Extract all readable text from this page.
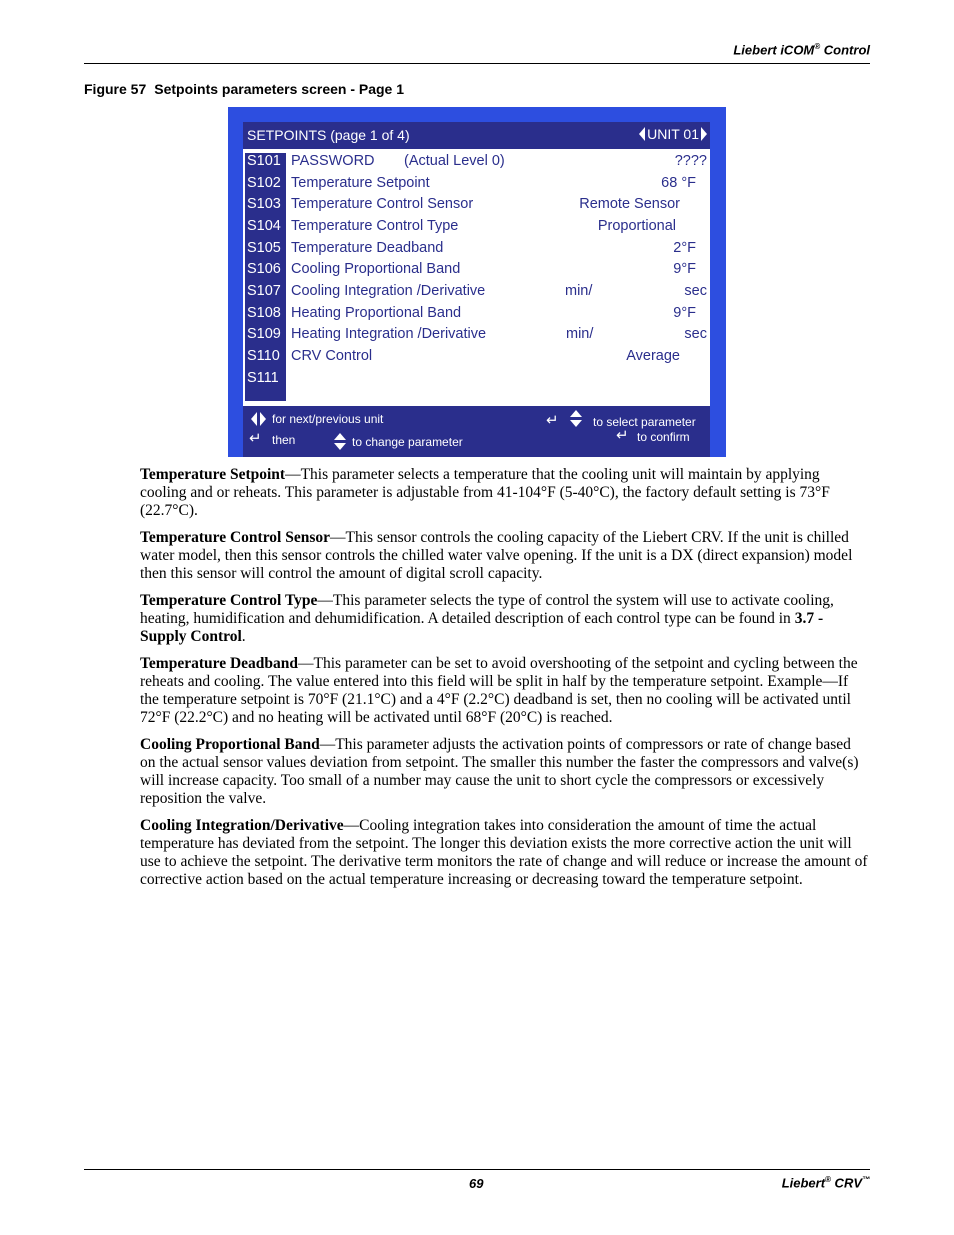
Liebert iCOM® Control
Figure 57 Setpoints parameters screen - Page 1
SETPOINTS (page 1 of 4)	UNIT 01
S101 PASSWORD (Actual Level 0)	????
S102 Temperature Setpoint	68 °F
S103 Temperature Control Sensor	Remote Sensor
S104 Temperature Control Type	Proportional
S105 Temperature Deadband	2°F
S106 Cooling Proportional Band	9°F
S107 Cooling Integration /Derivative	min/	sec
S108 Heating Proportional Band	9°F
S109 Heating Integration /Derivative	min/	sec
S110 CRV Control	Average
S111
for next/previous unit
↵ then	to change parameter
↵	to select parameter
↵ to confirm

Temperature Setpoint—This parameter selects a temperature that the cooling unit will maintain by applying cooling and or reheats. This parameter is adjustable from 41-104°F (5-40°C), the factory default setting is 73°F (22.7°C).

Temperature Control Sensor—This sensor controls the cooling capacity of the Liebert CRV. If the unit is chilled water model, then this sensor controls the chilled water valve opening. If the unit is a DX (direct expansion) model then this sensor will control the amount of digital scroll capacity.

Temperature Control Type—This parameter selects the type of control the system will use to activate cooling, heating, humidification and dehumidification. A detailed description of each control type can be found in 3.7 - Supply Control.

Temperature Deadband—This parameter can be set to avoid overshooting of the setpoint and cycling between the reheats and cooling. The value entered into this field will be split in half by the temperature setpoint. Example—If the temperature setpoint is 70°F (21.1°C) and a 4°F (2.2°C) deadband is set, then no cooling will be activated until 72°F (22.2°C) and no heating will be activated until 68°F (20°C) is reached.

Cooling Proportional Band—This parameter adjusts the activation points of compressors or rate of change based on the actual sensor values deviation from setpoint. The smaller this number the faster the compressors and valve(s) will increase capacity. Too small of a number may cause the unit to short cycle the compressors or excessively reposition the valve.

Cooling Integration/Derivative—Cooling integration takes into consideration the amount of time the actual temperature has deviated from the setpoint. The longer this deviation exists the more corrective action the unit will use to achieve the setpoint. The derivative term monitors the rate of change and will reduce or increase the amount of corrective action based on the actual temperature increasing or decreasing toward the temperature setpoint.

69	Liebert® CRV™
